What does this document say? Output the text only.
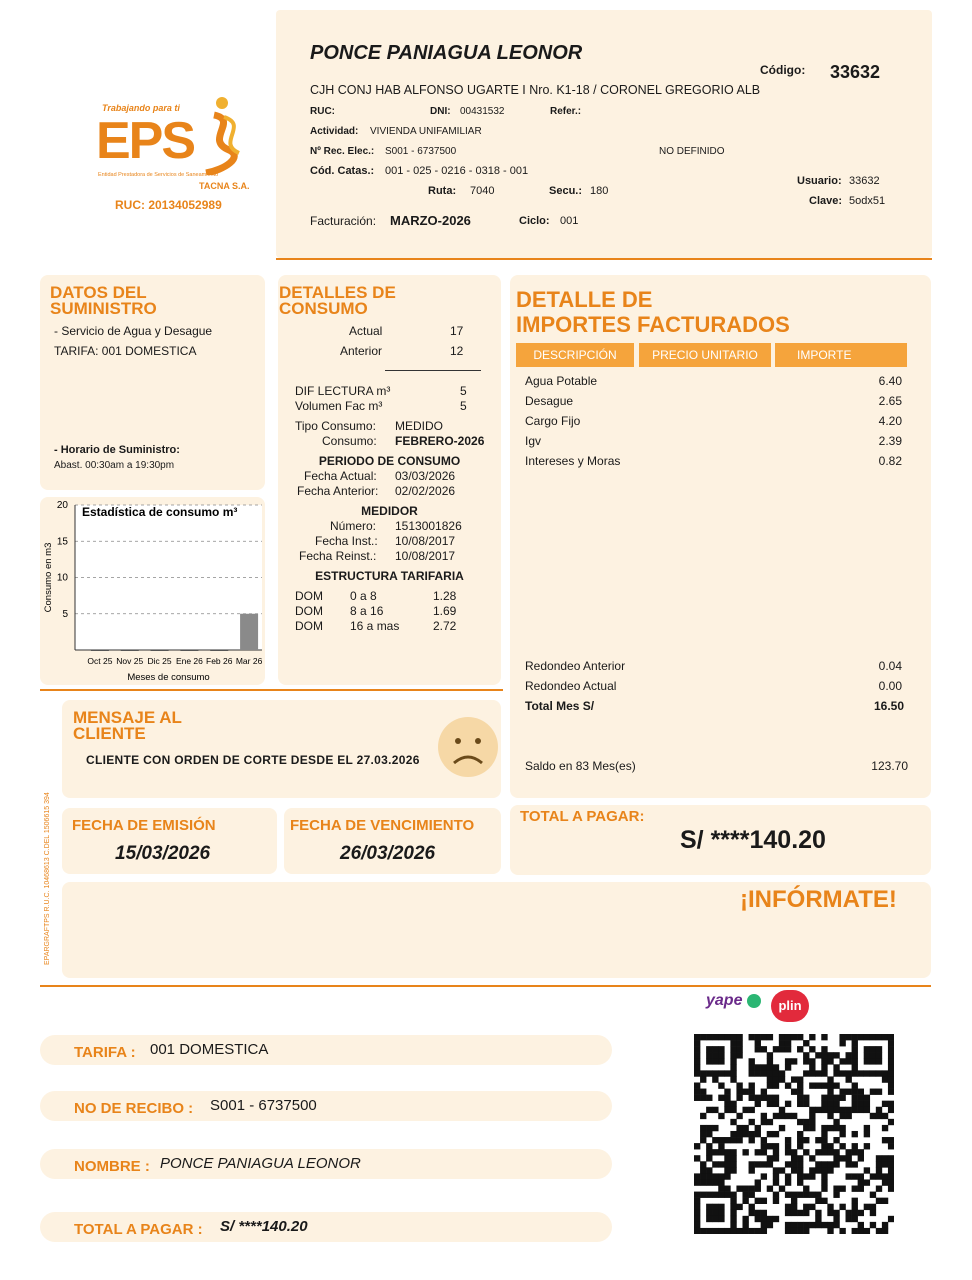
PONCE PANIAGUA LEONOR
Código: 33632
CJH CONJ HAB ALFONSO UGARTE I Nro. K1-18 / CORONEL GREGORIO ALB
RUC:	DNI: 00431532	Refer.:
Actividad: VIVIENDA UNIFAMILIAR
Nº Rec. Elec.: S001 - 6737500	NO DEFINIDO
Cód. Catas.: 001 - 025 - 0216 - 0318 - 001
Ruta: 7040	Secu.: 180
Usuario: 33632
Clave: 5odx51
Facturación: MARZO-2026	Ciclo: 001
Trabajando para ti
EPS
Entidad Prestadora de Servicios de Saneamiento
TACNA S.A.
RUC: 20134052989
DATOS DEL
SUMINISTRO
- Servicio de Agua y Desague
TARIFA: 001 DOMESTICA
- Horario de Suministro:
Abast. 00:30am a 19:30pm
20
15
10
5
Oct 25 Nov 25 Dic 25 Ene 26 Feb 26 Mar 26
Estadística de consumo m³
Meses de consumo
Consumo en m3
DETALLES DE
CONSUMO
Actual	17
Anterior	12
DIF LECTURA m³	5
Volumen Fac m³	5
Tipo Consumo: MEDIDO
Consumo: FEBRERO-2026
PERIODO DE CONSUMO
Fecha Actual: 03/03/2026
Fecha Anterior: 02/02/2026
MEDIDOR
Número: 1513001826
Fecha Inst.: 10/08/2017
Fecha Reinst.: 10/08/2017
ESTRUCTURA TARIFARIA
DOM 0 a 8	1.28
DOM 8 a 16	1.69
DOM 16 a mas	2.72
DETALLE DE
IMPORTES FACTURADOS
DESCRIPCIÓN	PRECIO UNITARIO	IMPORTE
Agua Potable	6.40
Desague	2.65
Cargo Fijo	4.20
Igv	2.39
Intereses y Moras	0.82
Redondeo Anterior	0.04
Redondeo Actual	0.00
Total Mes S/	16.50
Saldo en 83 Mes(es)	123.70
MENSAJE AL
CLIENTE
CLIENTE CON ORDEN DE CORTE DESDE EL 27.03.2026
EPARGRAFTPS R.U.C. 10468613 C.DEL 1506615 394 FECHA DE EMISIÓN
15/03/2026
FECHA DE VENCIMIENTO
26/03/2026
TOTAL A PAGAR:
S/ ****140.20
¡INFÓRMATE!
yape	plin
TARIFA : 001 DOMESTICA
NO DE RECIBO : S001 - 6737500
NOMBRE : PONCE PANIAGUA LEONOR
TOTAL A PAGAR : S/ ****140.20
